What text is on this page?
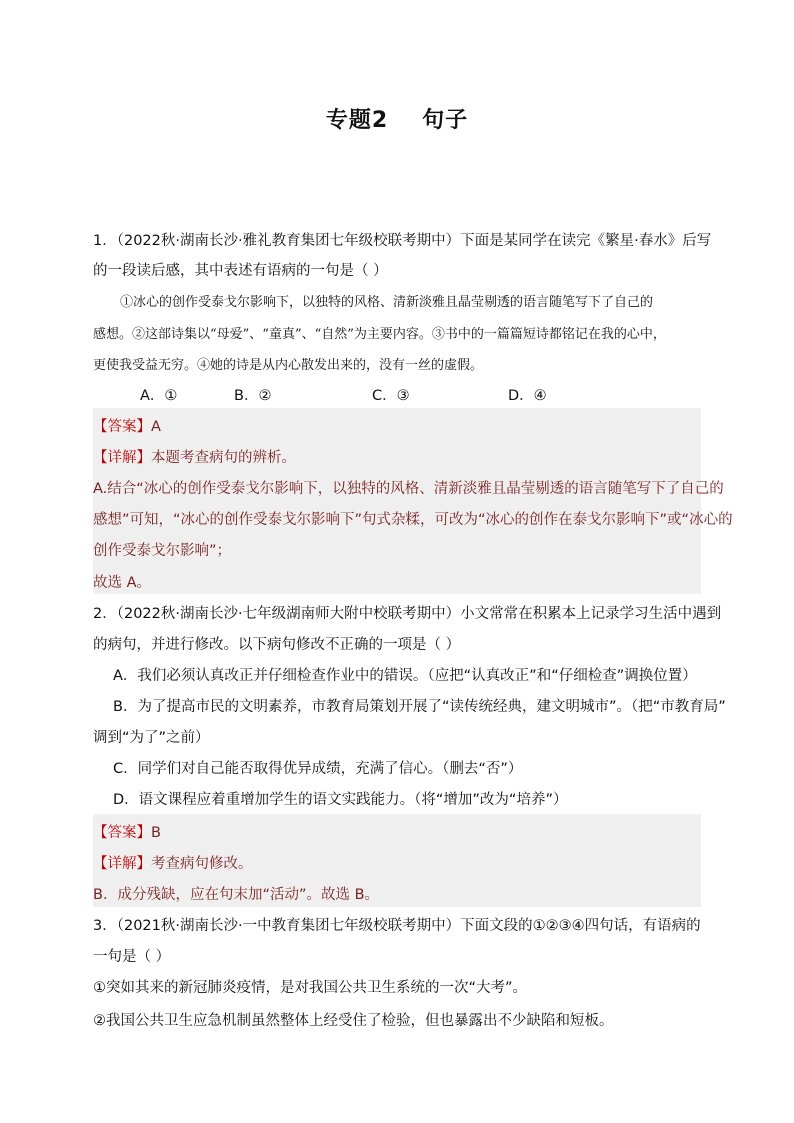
专题2 句子
1．（2022秋·湖南长沙·雅礼教育集团七年级校联考期中）下面是某同学在读完《繁星·春水》后写
的一段读后感，其中表述有语病的一句是（ ）
①冰心的创作受泰戈尔影响下，以独特的风格、清新淡雅且晶莹剔透的语言随笔写下了自己的
感想。②这部诗集以“母爱”、“童真”、“自然”为主要内容。③书中的一篇篇短诗都铭记在我的心中，
更使我受益无穷。④她的诗是从内心散发出来的，没有一丝的虚假。
A．①	B．②	C．③	D．④
【答案】A
【详解】本题考查病句的辨析。
A.结合“冰心的创作受泰戈尔影响下，以独特的风格、清新淡雅且晶莹剔透的语言随笔写下了自己的
感想”可知，“冰心的创作受泰戈尔影响下”句式杂糅，可改为“冰心的创作在泰戈尔影响下”或“冰心的
创作受泰戈尔影响”；
故选 A。
2．（2022秋·湖南长沙·七年级湖南师大附中校联考期中）小文常常在积累本上记录学习生活中遇到
的病句，并进行修改。以下病句修改不正确的一项是（ ）
A．我们必须认真改正并仔细检查作业中的错误。（应把“认真改正”和“仔细检查”调换位置）
B．为了提高市民的文明素养，市教育局策划开展了“读传统经典，建文明城市”。（把“市教育局”
调到“为了”之前）
C．同学们对自己能否取得优异成绩，充满了信心。（删去“否”）
D．语文课程应着重增加学生的语文实践能力。（将“增加”改为“培养”）
【答案】B
【详解】考查病句修改。
B．成分残缺，应在句末加“活动”。故选 B。
3．（2021秋·湖南长沙·一中教育集团七年级校联考期中）下面文段的①②③④四句话，有语病的
一句是（ ）
①突如其来的新冠肺炎疫情，是对我国公共卫生系统的一次“大考”。
②我国公共卫生应急机制虽然整体上经受住了检验，但也暴露出不少缺陷和短板。
